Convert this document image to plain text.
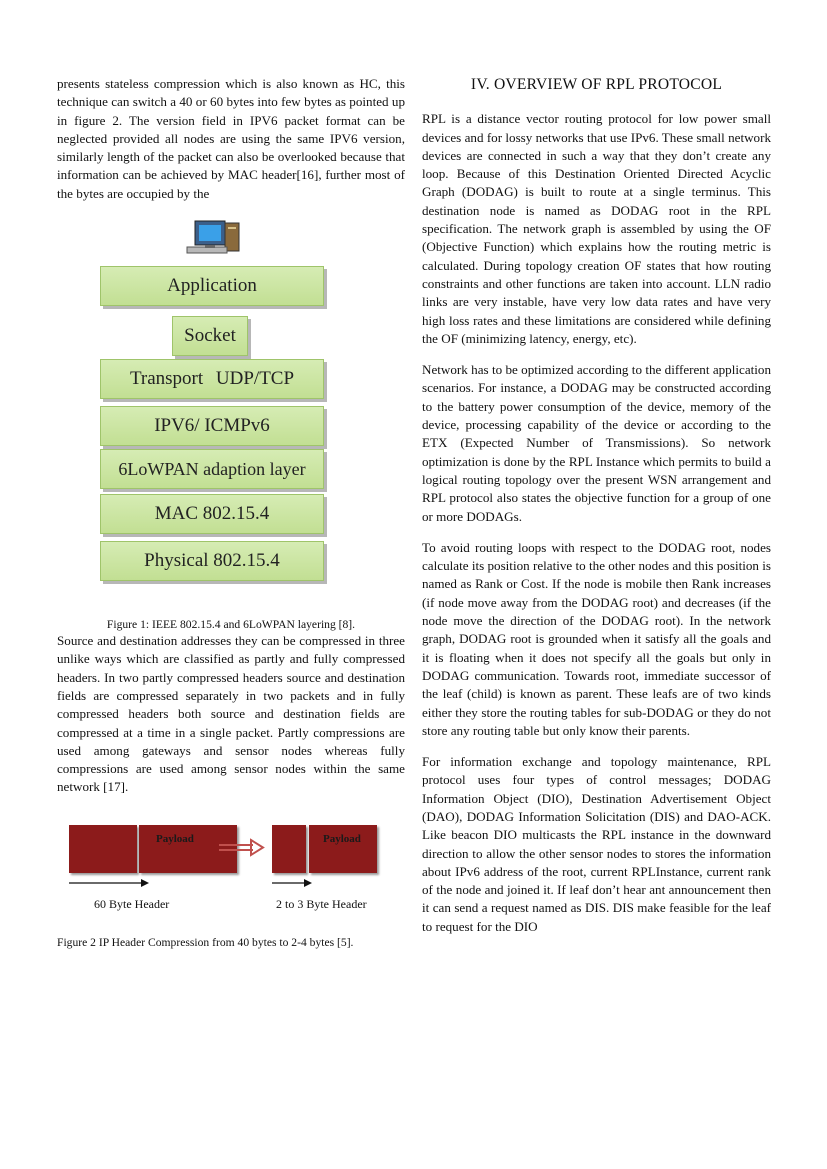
presents stateless compression which is also known as HC, this technique can switch a 40 or 60 bytes into few bytes as pointed up in figure 2. The version field in IPV6 packet format can be neglected provided all nodes are using the same IPV6 version, similarly length of the packet can also be overlooked because that information can be achieved by MAC header[16], further most of the bytes are occupied by the

Application
Socket
Transport UDP/TCP
IPV6/ ICMPv6
6LoWPAN adaption layer
MAC 802.15.4
Physical 802.15.4

Figure 1: IEEE 802.15.4 and 6LoWPAN layering [8].

Source and destination addresses they can be compressed in three unlike ways which are classified as partly and fully compressed headers. In two partly compressed headers source and destination fields are compressed separately in two packets and in fully compressed headers both source and destination fields are compressed at a time in a single packet. Partly compressions are used among gateways and sensor nodes whereas fully compressions are used among sensor nodes within the same network [17].

Payload	Payload
60 Byte Header	2 to 3 Byte Header

Figure 2 IP Header Compression from 40 bytes to 2-4 bytes [5].

IV. OVERVIEW OF RPL PROTOCOL

RPL is a distance vector routing protocol for low power small devices and for lossy networks that use IPv6. These small network devices are connected in such a way that they don’t create any loop. Because of this Destination Oriented Directed Acyclic Graph (DODAG) is built to route at a single terminus. This destination node is named as DODAG root in the RPL specification. The network graph is assembled by using the OF (Objective Function) which explains how the routing metric is calculated. During topology creation OF states that how routing constraints and other functions are taken into account. LLN radio links are very instable, have very low data rates and have very high loss rates and these limitations are considered while defining the OF (minimizing latency, energy, etc).

Network has to be optimized according to the different application scenarios. For instance, a DODAG may be constructed according to the battery power consumption of the device, memory of the device, processing capability of the device or according to the ETX (Expected Number of Transmissions). So network optimization is done by the RPL Instance which permits to build a logical routing topology over the present WSN arrangement and RPL protocol also states the objective function for a group of one or more DODAGs.

To avoid routing loops with respect to the DODAG root, nodes calculate its position relative to the other nodes and this position is named as Rank or Cost. If the node is mobile then Rank increases (if node move away from the DODAG root) and decreases (if the node move the direction of the DODAG root). In the network graph, DODAG root is grounded when it satisfy all the goals and it is floating when it does not specify all the goals but only in DODAG communication. Towards root, immediate successor of the leaf (child) is known as parent. These leafs are of two kinds either they store the routing tables for sub-DODAG or they do not store any routing table but only know their parents.

For information exchange and topology maintenance, RPL protocol uses four types of control messages; DODAG Information Object (DIO), Destination Advertisement Object (DAO), DODAG Information Solicitation (DIS) and DAO-ACK. Like beacon DIO multicasts the RPL instance in the downward direction to allow the other sensor nodes to stores the information about IPv6 address of the root, current RPLInstance, current rank of the node and joined it. If leaf don’t hear ant announcement then it can send a request named as DIS. DIS make feasible for the leaf to request for the DIO
